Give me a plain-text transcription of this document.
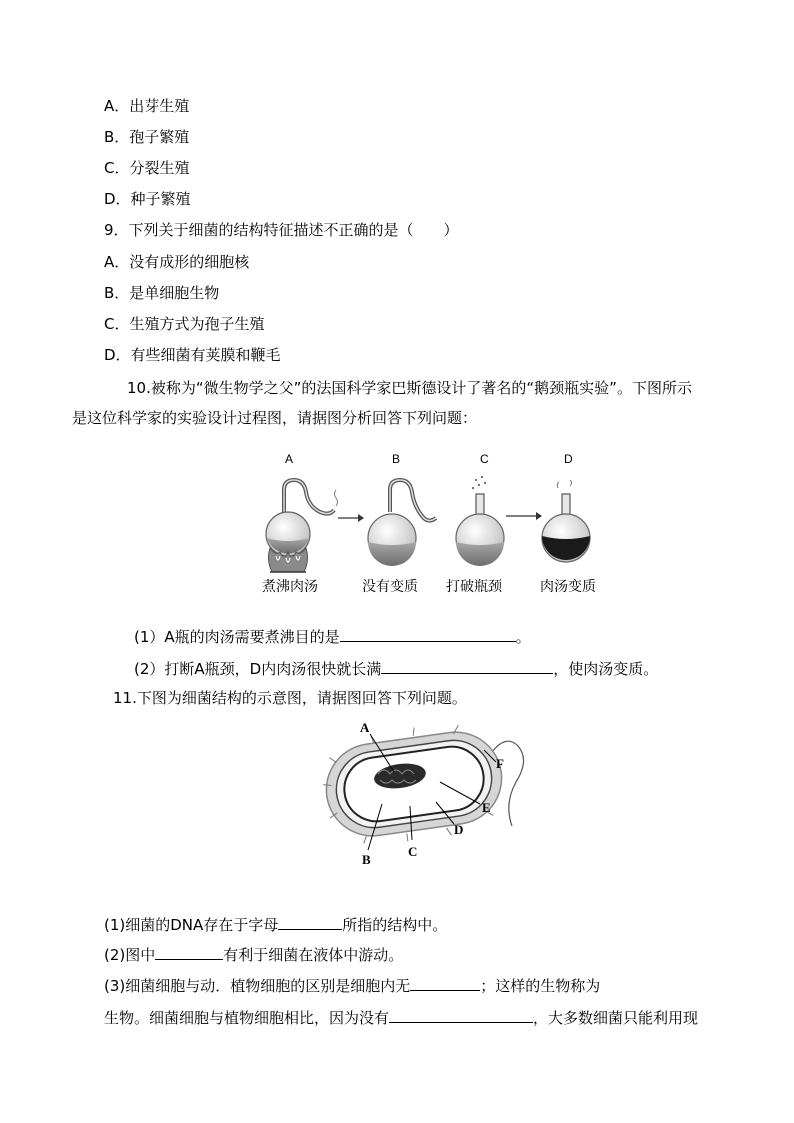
A．出芽生殖
B．孢子繁殖
C．分裂生殖
D．种子繁殖
9．下列关于细菌的结构特征描述不正确的是（　　）
A．没有成形的细胞核
B．是单细胞生物
C．生殖方式为孢子生殖
D．有些细菌有荚膜和鞭毛
10.被称为“微生物学之父”的法国科学家巴斯德设计了著名的“鹅颈瓶实验”。下图所示
是这位科学家的实验设计过程图，请据图分析回答下列问题：
A	B	C	D
煮沸肉汤	没有变质 打破瓶颈	肉汤变质
(1）A瓶的肉汤需要煮沸目的是	。
(2）打断A瓶颈，D内肉汤很快就长满	，使肉汤变质。
11.下图为细菌结构的示意图，请据图回答下列问题。
A
F
E
D
C
B
(1)细菌的DNA存在于字母	所指的结构中。
(2)图中	有利于细菌在液体中游动。
(3)细菌细胞与动．植物细胞的区别是细胞内无	；这样的生物称为
生物。细菌细胞与植物细胞相比，因为没有	，大多数细菌只能利用现
